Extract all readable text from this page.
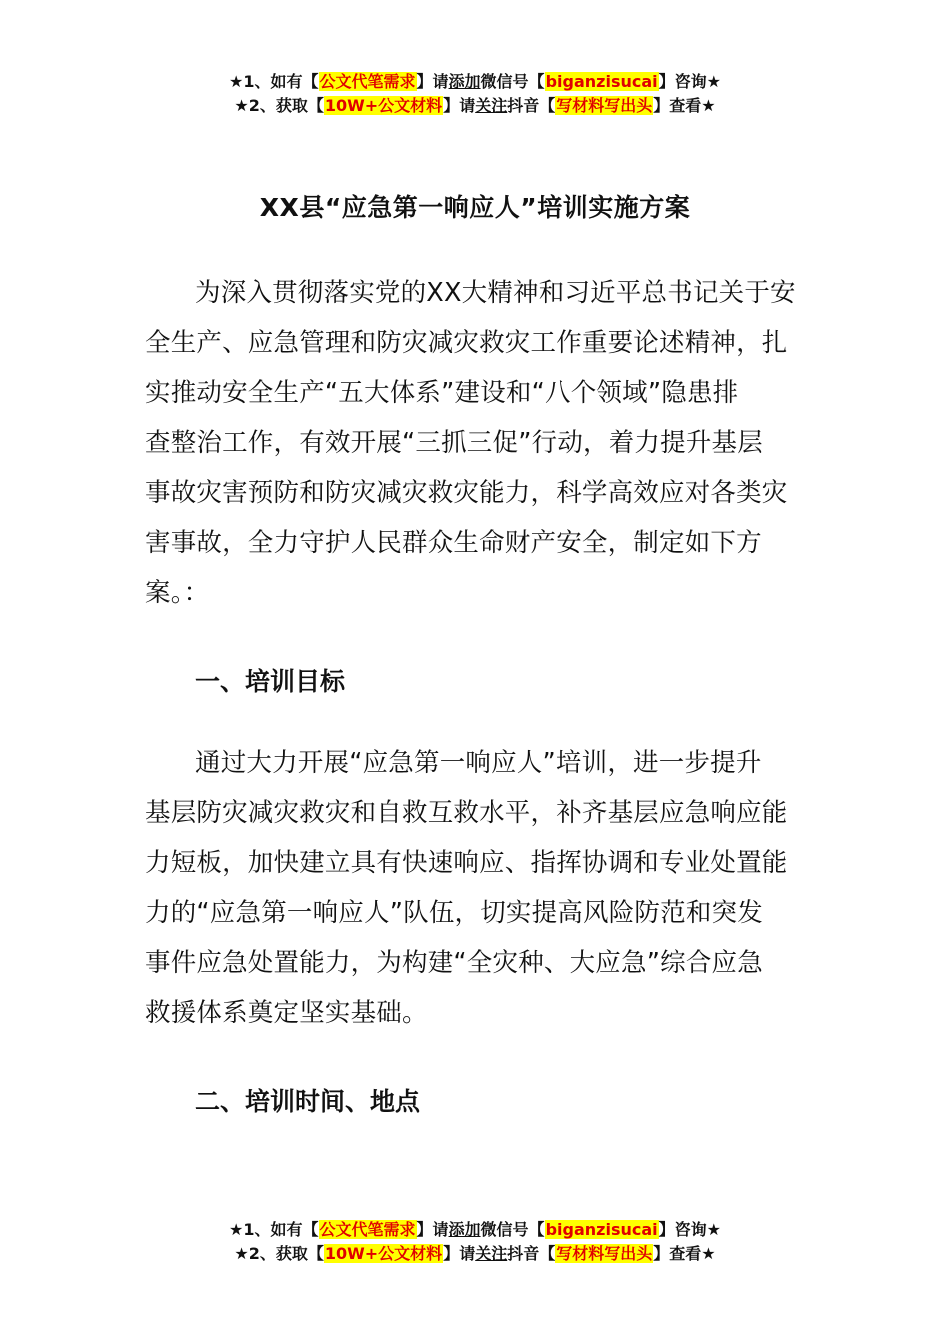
★1、如有【公文代笔需求】请添加微信号【biganzisucai】咨询★
★2、获取【10W+公文材料】请关注抖音【写材料写出头】查看★
XX县“应急第一响应人”培训实施方案
为深入贯彻落实党的XX大精神和习近平总书记关于安
全生产、应急管理和防灾减灾救灾工作重要论述精神，扎
实推动安全生产“五大体系”建设和“八个领域”隐患排
查整治工作，有效开展“三抓三促”行动，着力提升基层
事故灾害预防和防灾减灾救灾能力，科学高效应对各类灾
害事故，全力守护人民群众生命财产安全，制定如下方
案。：
一、培训目标
通过大力开展“应急第一响应人”培训，进一步提升
基层防灾减灾救灾和自救互救水平，补齐基层应急响应能
力短板，加快建立具有快速响应、指挥协调和专业处置能
力的“应急第一响应人”队伍，切实提高风险防范和突发
事件应急处置能力，为构建“全灾种、大应急”综合应急
救援体系奠定坚实基础。
二、培训时间、地点
★1、如有【公文代笔需求】请添加微信号【biganzisucai】咨询★
★2、获取【10W+公文材料】请关注抖音【写材料写出头】查看★
